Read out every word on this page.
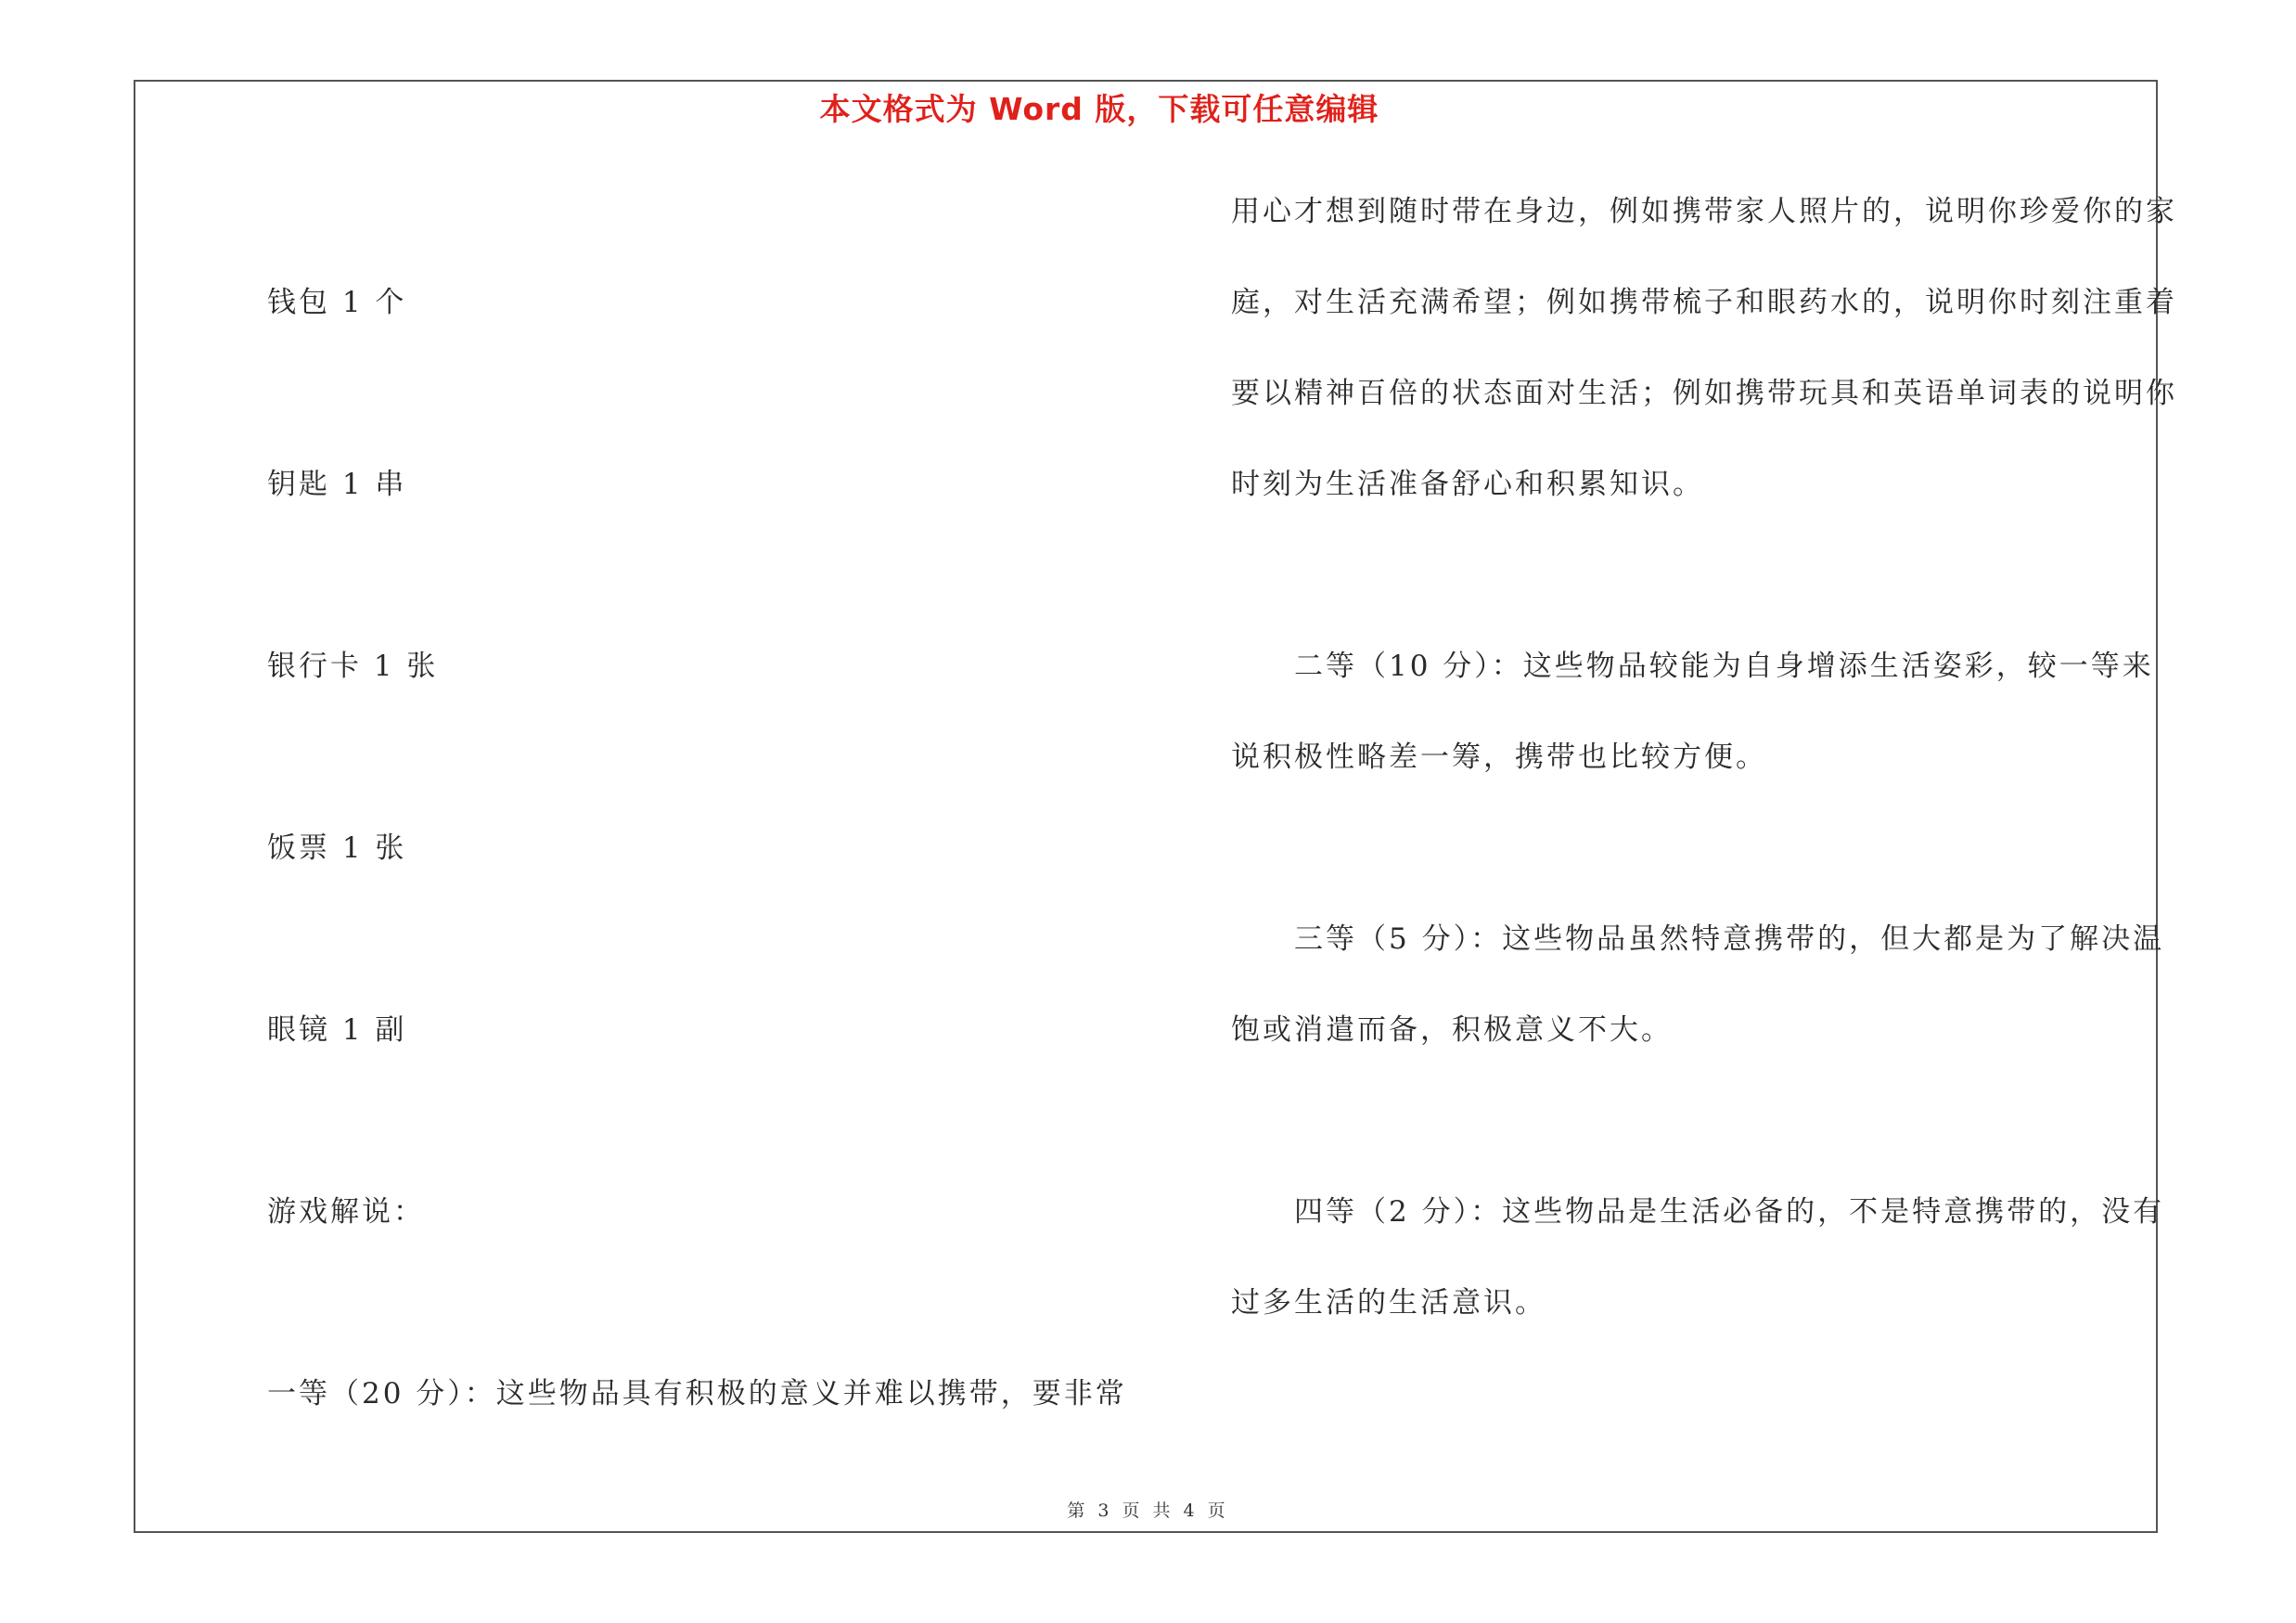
本文格式为 Word 版，下载可任意编辑
钱包 1 个
钥匙 1 串
银行卡 1 张
饭票 1 张
眼镜 1 副
游戏解说：
一等（20 分）：这些物品具有积极的意义并难以携带，要非常
用心才想到随时带在身边，例如携带家人照片的，说明你珍爱你的家
庭，对生活充满希望；例如携带梳子和眼药水的，说明你时刻注重着
要以精神百倍的状态面对生活；例如携带玩具和英语单词表的说明你
时刻为生活准备舒心和积累知识。
二等（10 分）：这些物品较能为自身增添生活姿彩，较一等来
说积极性略差一筹，携带也比较方便。
三等（5 分）：这些物品虽然特意携带的，但大都是为了解决温
饱或消遣而备，积极意义不大。
四等（2 分）：这些物品是生活必备的，不是特意携带的，没有
过多生活的生活意识。
第 3 页 共 4 页
